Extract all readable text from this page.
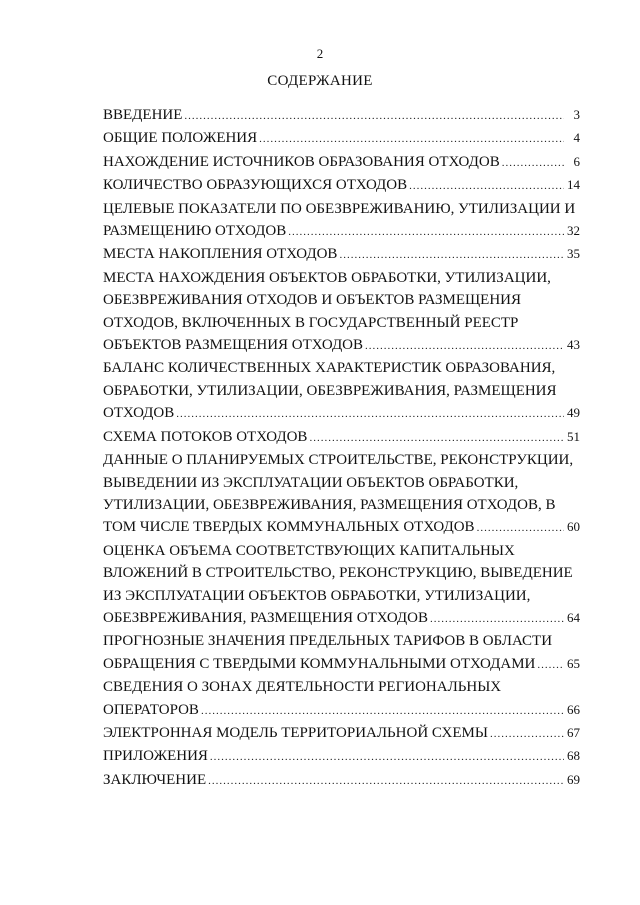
2
СОДЕРЖАНИЕ
ВВЕДЕНИЕ .....	3
ОБЩИЕ ПОЛОЖЕНИЯ .....	4
НАХОЖДЕНИЕ ИСТОЧНИКОВ ОБРАЗОВАНИЯ ОТХОДОВ .....	6
КОЛИЧЕСТВО ОБРАЗУЮЩИХСЯ ОТХОДОВ .....	14
ЦЕЛЕВЫЕ ПОКАЗАТЕЛИ ПО ОБЕЗВРЕЖИВАНИЮ, УТИЛИЗАЦИИ И
РАЗМЕЩЕНИЮ ОТХОДОВ .....	32
МЕСТА НАКОПЛЕНИЯ ОТХОДОВ .....	35
МЕСТА НАХОЖДЕНИЯ ОБЪЕКТОВ ОБРАБОТКИ, УТИЛИЗАЦИИ,
ОБЕЗВРЕЖИВАНИЯ ОТХОДОВ И ОБЪЕКТОВ РАЗМЕЩЕНИЯ
ОТХОДОВ, ВКЛЮЧЕННЫХ В ГОСУДАРСТВЕННЫЙ РЕЕСТР
ОБЪЕКТОВ РАЗМЕЩЕНИЯ ОТХОДОВ .....	43
БАЛАНС КОЛИЧЕСТВЕННЫХ ХАРАКТЕРИСТИК ОБРАЗОВАНИЯ,
ОБРАБОТКИ, УТИЛИЗАЦИИ, ОБЕЗВРЕЖИВАНИЯ, РАЗМЕЩЕНИЯ
ОТХОДОВ .....	49
СХЕМА ПОТОКОВ ОТХОДОВ .....	51
ДАННЫЕ О ПЛАНИРУЕМЫХ СТРОИТЕЛЬСТВЕ, РЕКОНСТРУКЦИИ,
ВЫВЕДЕНИИ ИЗ ЭКСПЛУАТАЦИИ ОБЪЕКТОВ ОБРАБОТКИ,
УТИЛИЗАЦИИ, ОБЕЗВРЕЖИВАНИЯ, РАЗМЕЩЕНИЯ ОТХОДОВ, В
ТОМ ЧИСЛЕ ТВЕРДЫХ КОММУНАЛЬНЫХ ОТХОДОВ .....	60
ОЦЕНКА ОБЪЕМА СООТВЕТСТВУЮЩИХ КАПИТАЛЬНЫХ
ВЛОЖЕНИЙ В СТРОИТЕЛЬСТВО, РЕКОНСТРУКЦИЮ, ВЫВЕДЕНИЕ
ИЗ ЭКСПЛУАТАЦИИ ОБЪЕКТОВ ОБРАБОТКИ, УТИЛИЗАЦИИ,
ОБЕЗВРЕЖИВАНИЯ, РАЗМЕЩЕНИЯ ОТХОДОВ .....	64
ПРОГНОЗНЫЕ ЗНАЧЕНИЯ ПРЕДЕЛЬНЫХ ТАРИФОВ В ОБЛАСТИ
ОБРАЩЕНИЯ С ТВЕРДЫМИ КОММУНАЛЬНЫМИ ОТХОДАМИ ..... 65
СВЕДЕНИЯ О ЗОНАХ ДЕЯТЕЛЬНОСТИ РЕГИОНАЛЬНЫХ
ОПЕРАТОРОВ .....	66
ЭЛЕКТРОННАЯ МОДЕЛЬ ТЕРРИТОРИАЛЬНОЙ СХЕМЫ .....	67
ПРИЛОЖЕНИЯ .....	68
ЗАКЛЮЧЕНИЕ .....	69
